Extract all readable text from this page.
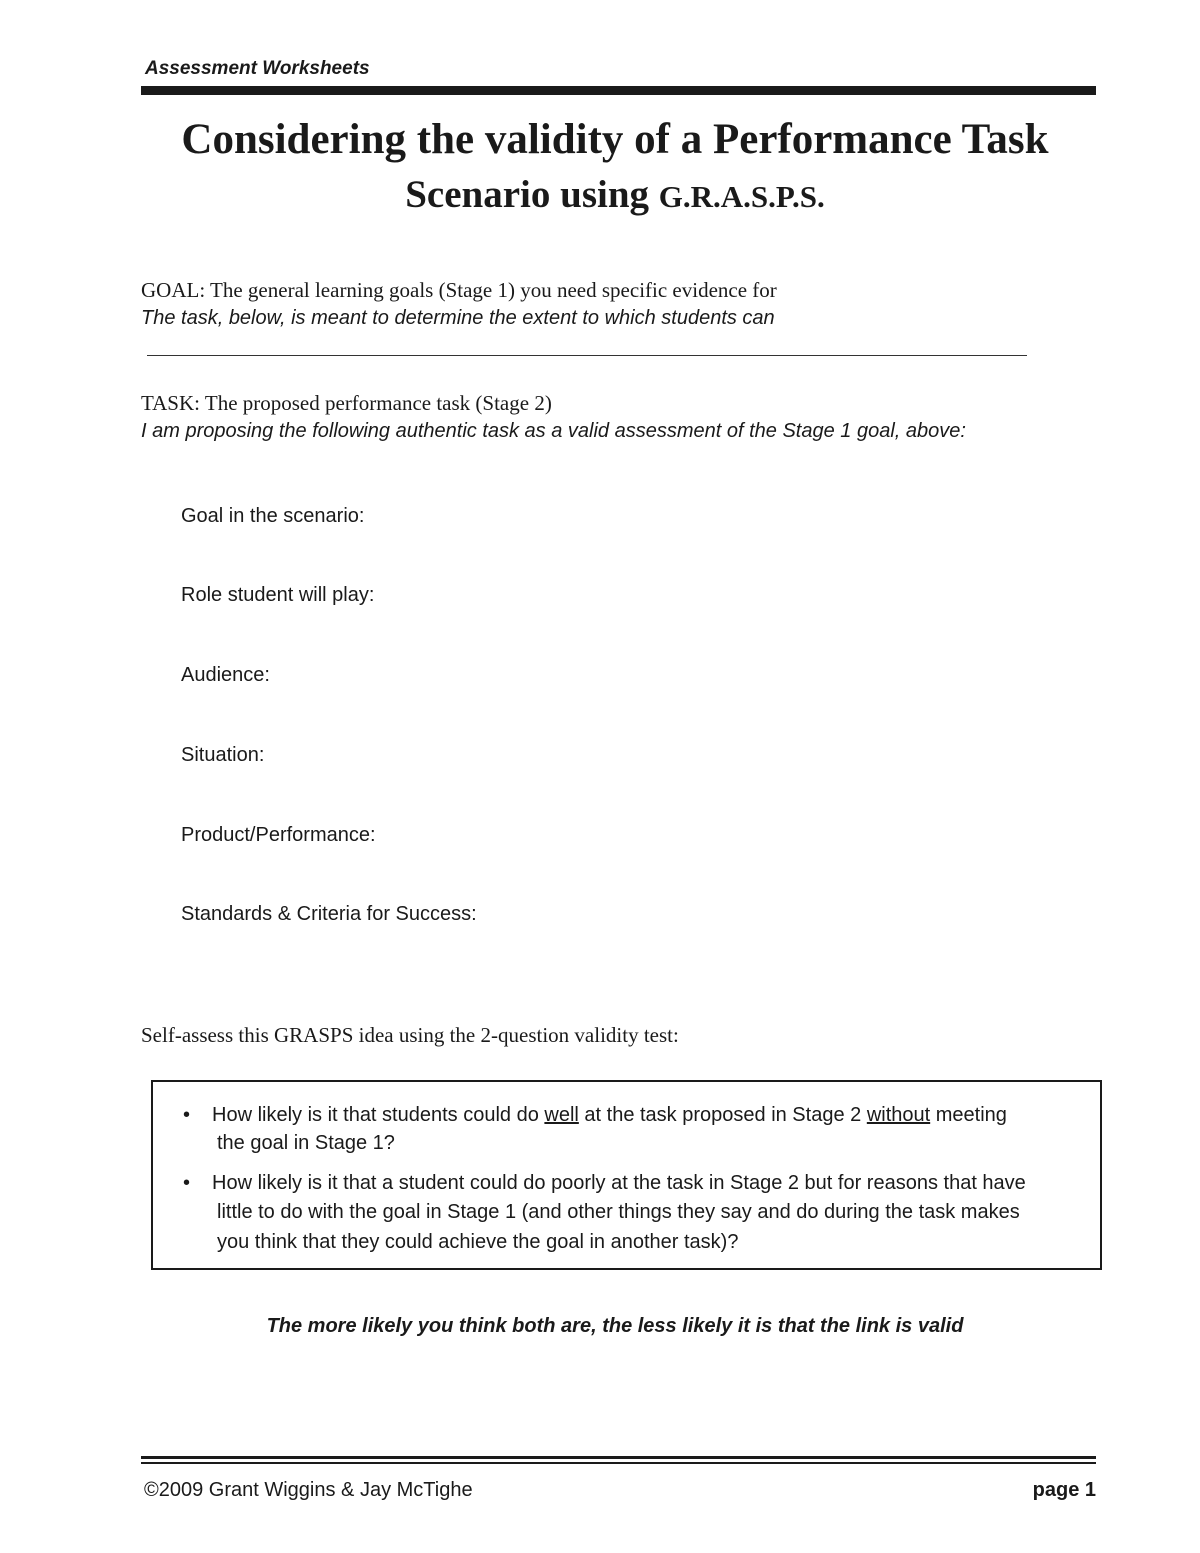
Assessment Worksheets
Considering the validity of a Performance Task
Scenario using G.R.A.S.P.S.
GOAL: The general learning goals (Stage 1) you need specific evidence for
The task, below, is meant to determine the extent to which students can
TASK: The proposed performance task (Stage 2)
I am proposing the following authentic task as a valid assessment of the Stage 1 goal, above:
Goal in the scenario:
Role student will play:
Audience:
Situation:
Product/Performance:
Standards & Criteria for Success:
Self-assess this GRASPS idea using the 2-question validity test:
• How likely is it that students could do well at the task proposed in Stage 2 without meeting
the goal in Stage 1?
• How likely is it that a student could do poorly at the task in Stage 2 but for reasons that have
little to do with the goal in Stage 1 (and other things they say and do during the task makes
you think that they could achieve the goal in another task)?
The more likely you think both are, the less likely it is that the link is valid
©2009 Grant Wiggins & Jay McTighe	page 1
